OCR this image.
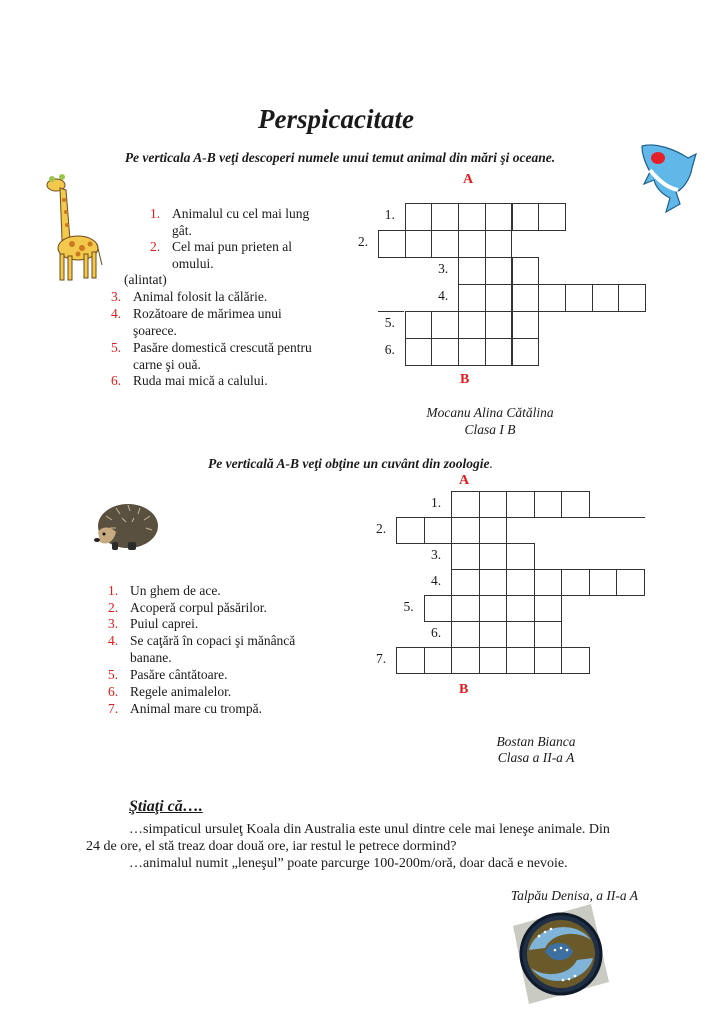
Perspicacitate
Pe verticala A-B veţi descoperi numele unui temut animal din mări şi oceane.
A
1. Animalul cu cel mai lung
gât.
2. Cel mai pun prieten al
omului.
(alintat)
3. Animal folosit la călărie.
4. Rozătoare de mărimea unui
şoarece.
5. Pasăre domestică crescută pentru
carne şi ouă.
6. Ruda mai mică a calului.
1.
2.
3.
4.
5.
6.
B
Mocanu Alina Cătălina
Clasa I B
Pe verticală A-B veţi obţine un cuvânt din zoologie.
A
1. Un ghem de ace.
2. Acoperă corpul păsărilor.
3. Puiul caprei.
4. Se caţără în copaci şi mănâncă
banane.
5. Pasăre cântătoare.
6. Regele animalelor.
7. Animal mare cu trompă.
1.
2.
3.
4.
5.
6.
7.
B
Bostan Bianca
Clasa a II-a A
Ştiaţi că….
…simpaticul ursuleţ Koala din Australia este unul dintre cele mai leneşe animale. Din
24 de ore, el stă treaz doar două ore, iar restul le petrece dormind?
…animalul numit „leneşul” poate parcurge 100-200m/oră, doar dacă e nevoie.
Talpău Denisa, a II-a A
